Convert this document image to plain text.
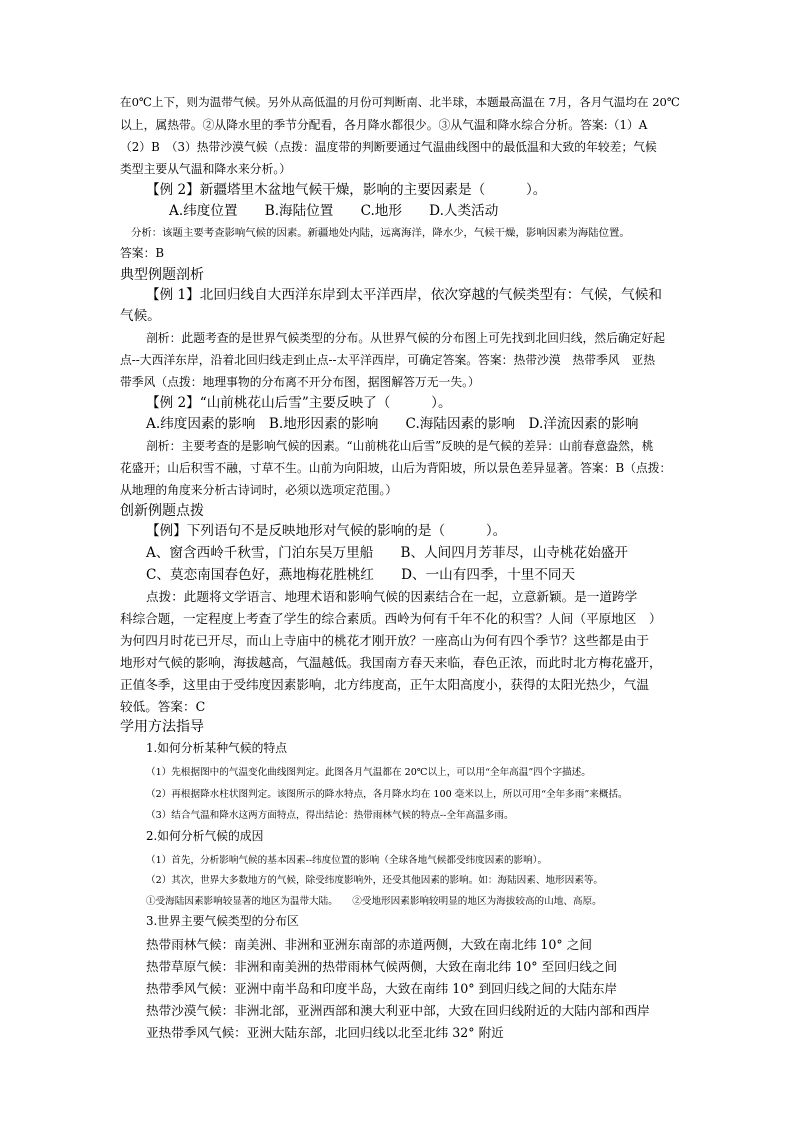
在0℃上下，则为温带气候。另外从高低温的月份可判断南、北半球，本题最高温在 7月，各月气温均在 20℃
以上，属热带。②从降水里的季节分配看，各月降水都很少。③从气温和降水综合分析。答案:（1）A
（2）B　（3）热带沙漠气候（点拨：温度带的判断要通过气温曲线图中的最低温和大致的年较差；气候
类型主要从气温和降水来分析。）
【例 2】新疆塔里木盆地气候干燥，影响的主要因素是（　　　）。
A.纬度位置　　B.海陆位置　　C.地形　　D.人类活动
分析：该题主要考查影响气候的因素。新疆地处内陆，远离海洋，降水少，气候干燥，影响因素为海陆位置。
答案：B
典型例题剖析
【例 1】北回归线自大西洋东岸到太平洋西岸，依次穿越的气候类型有：气候，气候和
气候。
剖析：此题考查的是世界气候类型的分布。从世界气候的分布图上可先找到北回归线，然后确定好起
点--大西洋东岸，沿着北回归线走到止点--太平洋西岸，可确定答案。答案：热带沙漠　热带季风　亚热
带季风（点拨：地理事物的分布离不开分布图，据图解答万无一失。）
【例 2】“山前桃花山后雪”主要反映了（　　　）。
A.纬度因素的影响　B.地形因素的影响　　C.海陆因素的影响　D.洋流因素的影响
剖析：主要考查的是影响气候的因素。“山前桃花山后雪”反映的是气候的差异：山前春意盎然，桃
花盛开；山后积雪不融，寸草不生。山前为向阳坡，山后为背阳坡，所以景色差异显著。答案：B（点拨：
从地理的角度来分析古诗词时，必须以选项定范围。）
创新例题点拨
【例】下列语句不是反映地形对气候的影响的是（　　　）。
A、窗含西岭千秋雪，门泊东吴万里船　　B、人间四月芳菲尽，山寺桃花始盛开
C、莫恋南国春色好，燕地梅花胜桃红　　D、一山有四季，十里不同天
点拨：此题将文学语言、地理术语和影响气候的因素结合在一起，立意新颖。是一道跨学
科综合题，一定程度上考查了学生的综合素质。西岭为何有千年不化的积雪？人间（平原地区　）
为何四月时花已开尽，而山上寺庙中的桃花才刚开放？一座高山为何有四个季节？这些都是由于
地形对气候的影响，海拔越高，气温越低。我国南方春天来临，春色正浓，而此时北方梅花盛开，
正值冬季，这里由于受纬度因素影响，北方纬度高，正午太阳高度小，获得的太阳光热少，气温
较低。答案：C
学用方法指导
1.如何分析某种气候的特点
（1）先根据图中的气温变化曲线图判定。此图各月气温都在 20℃以上，可以用“全年高温”四个字描述。
（2）再根据降水柱状图判定。该图所示的降水特点，各月降水均在 100 毫米以上，所以可用“全年多雨”来概括。
（3）结合气温和降水这两方面特点，得出结论：热带雨林气候的特点--全年高温多雨。
2.如何分析气候的成因
（1）首先，分析影响气候的基本因素--纬度位置的影响（全球各地气候都受纬度因素的影响）。
（2）其次，世界大多数地方的气候，除受纬度影响外，还受其他因素的影响。如：海陆因素、地形因素等。
①受海陆因素影响较显著的地区为温带大陆。　　②受地形因素影响较明显的地区为海拔较高的山地、高原。
3.世界主要气候类型的分布区
热带雨林气候：南美洲、非洲和亚洲东南部的赤道两侧，大致在南北纬 10° 之间
热带草原气候：非洲和南美洲的热带雨林气候两侧，大致在南北纬 10° 至回归线之间
热带季风气候：亚洲中南半岛和印度半岛，大致在南纬 10° 到回归线之间的大陆东岸
热带沙漠气候：非洲北部，亚洲西部和澳大利亚中部，大致在回归线附近的大陆内部和西岸
亚热带季风气候：亚洲大陆东部，北回归线以北至北纬 32° 附近
